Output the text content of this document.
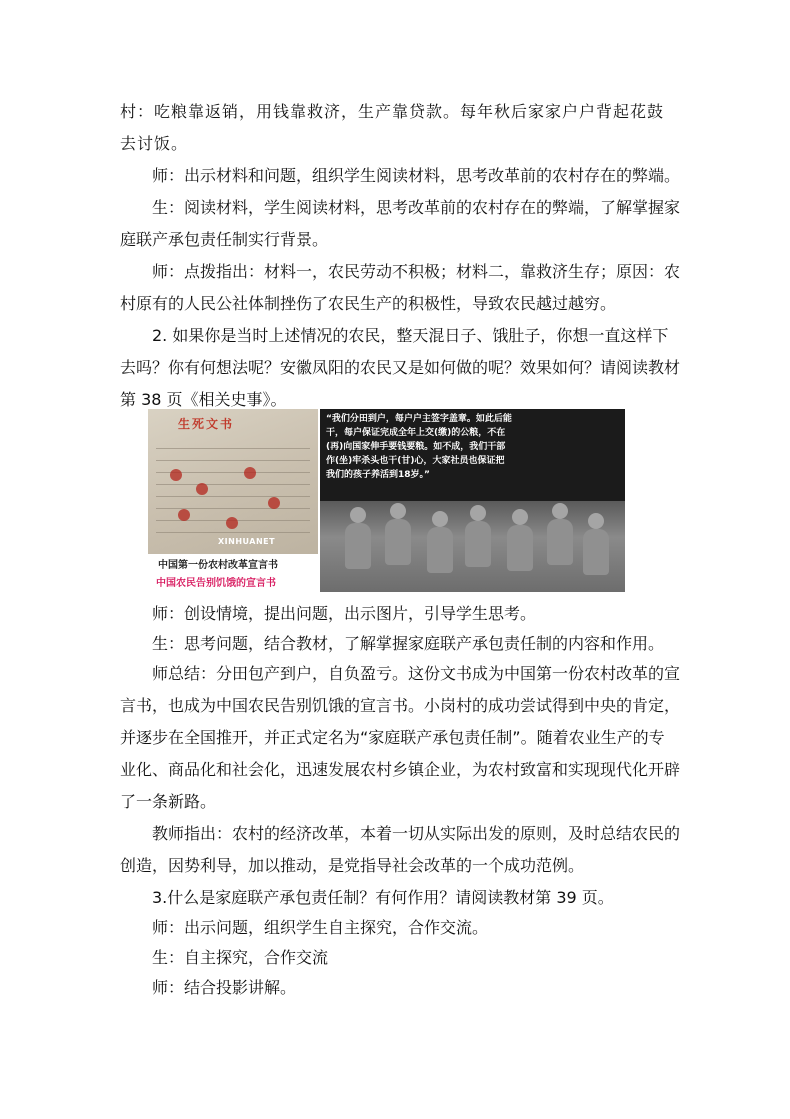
村：吃粮靠返销，用钱靠救济，生产靠贷款。每年秋后家家户户背起花鼓去讨饭。

师：出示材料和问题，组织学生阅读材料，思考改革前的农村存在的弊端。

生：阅读材料，学生阅读材料，思考改革前的农村存在的弊端，了解掌握家庭联产承包责任制实行背景。

师：点拨指出：材料一，农民劳动不积极；材料二，靠救济生存；原因：农村原有的人民公社体制挫伤了农民生产的积极性，导致农民越过越穷。

2. 如果你是当时上述情况的农民，整天混日子、饿肚子，你想一直这样下去吗？你有何想法呢？安徽凤阳的农民又是如何做的呢？效果如何？请阅读教材第 38 页《相关史事》。

生死文书
XINHUANET
中国第一份农村改革宣言书
中国农民告别饥饿的宣言书
“我们分田到户，每户户主签字盖章。如此后能干，每户保证完成全年上交(缴)的公粮，不在(再)向国家伸手要钱要粮。如不成，我们干部作(坐)牢杀头也干(甘)心，大家社员也保证把我们的孩子养活到18岁。”

师：创设情境，提出问题，出示图片，引导学生思考。

生：思考问题，结合教材，了解掌握家庭联产承包责任制的内容和作用。

师总结：分田包产到户，自负盈亏。这份文书成为中国第一份农村改革的宣言书，也成为中国农民告别饥饿的宣言书。小岗村的成功尝试得到中央的肯定，并逐步在全国推开，并正式定名为“家庭联产承包责任制”。随着农业生产的专业化、商品化和社会化，迅速发展农村乡镇企业，为农村致富和实现现代化开辟了一条新路。

教师指出：农村的经济改革，本着一切从实际出发的原则，及时总结农民的创造，因势利导，加以推动，是党指导社会改革的一个成功范例。

3.什么是家庭联产承包责任制？有何作用？请阅读教材第 39 页。

师：出示问题，组织学生自主探究，合作交流。

生：自主探究，合作交流

师：结合投影讲解。
